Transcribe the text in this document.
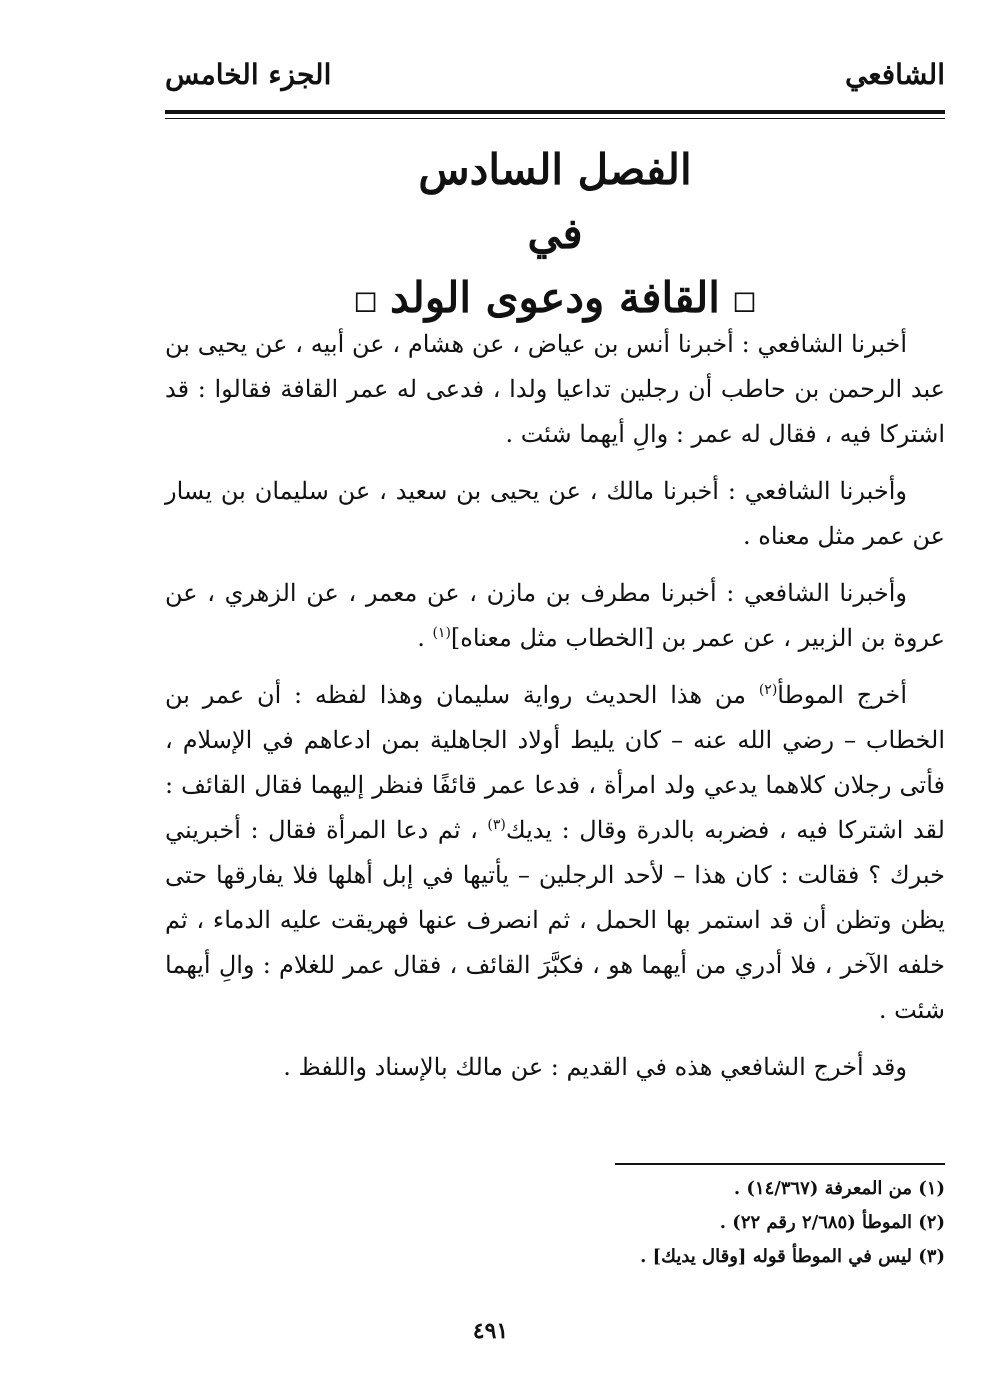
الشافعي
الجزء الخامس
الفصل السادس
في
◻القافة ودعوى الولد◻

أخبرنا الشافعي : أخبرنا أنس بن عياض ، عن هشام ، عن أبيه ، عن يحيى بن عبد الرحمن بن حاطب أن رجلين تداعيا ولدا ، فدعى له عمر القافة فقالوا : قد اشتركا فيه ، فقال له عمر : والِ أيهما شئت .

وأخبرنا الشافعي : أخبرنا مالك ، عن يحيى بن سعيد ، عن سليمان بن يسار عن عمر مثل معناه .

وأخبرنا الشافعي : أخبرنا مطرف بن مازن ، عن معمر ، عن الزهري ، عن عروة بن الزبير ، عن عمر بن [الخطاب مثل معناه]$^{(١)}$ .

أخرج الموطأ$^{(٢)}$ من هذا الحديث رواية سليمان وهذا لفظه : أن عمر بن الخطاب – رضي الله عنه – كان يليط أولاد الجاهلية بمن ادعاهم في الإسلام ، فأتى رجلان كلاهما يدعي ولد امرأة ، فدعا عمر قائفًا فنظر إليهما فقال القائف : لقد اشتركا فيه ، فضربه بالدرة وقال : يديك$^{(٣)}$ ، ثم دعا المرأة فقال : أخبريني خبرك ؟ فقالت : كان هذا – لأحد الرجلين – يأتيها في إبل أهلها فلا يفارقها حتى يظن وتظن أن قد استمر بها الحمل ، ثم انصرف عنها فهريقت عليه الدماء ، ثم خلفه الآخر ، فلا أدري من أيهما هو ، فكبَّرَ القائف ، فقال عمر للغلام : والِ أيهما شئت .

وقد أخرج الشافعي هذه في القديم : عن مالك بالإسناد واللفظ .

(١) من المعرفة (١٤/٣٦٧) .
(٢) الموطأ (٢/٦٨٥ رقم ٢٢) .
(٣) ليس في الموطأ قوله [وقال يديك] .
٤٩١
